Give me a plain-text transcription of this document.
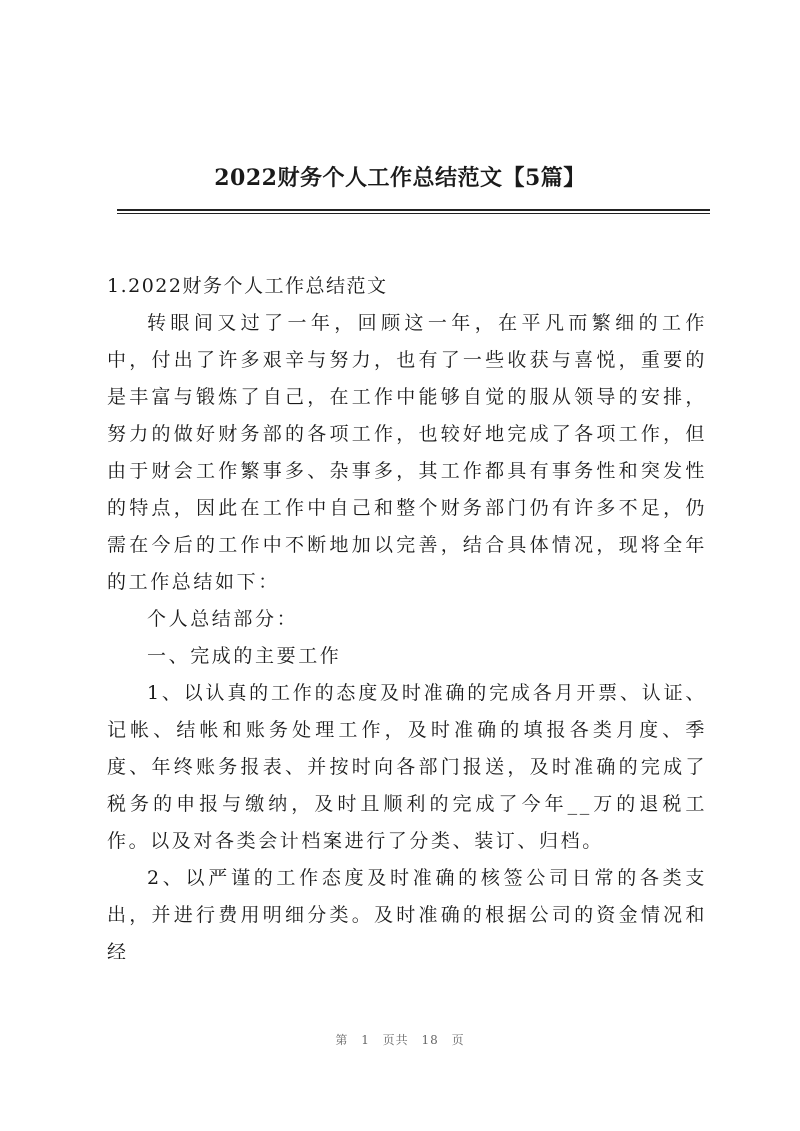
2022财务个人工作总结范文【5篇】

1.2022财务个人工作总结范文

转眼间又过了一年，回顾这一年，在平凡而繁细的工作中，付出了许多艰辛与努力，也有了一些收获与喜悦，重要的是丰富与锻炼了自己，在工作中能够自觉的服从领导的安排，努力的做好财务部的各项工作，也较好地完成了各项工作，但由于财会工作繁事多、杂事多，其工作都具有事务性和突发性的特点，因此在工作中自己和整个财务部门仍有许多不足，仍需在今后的工作中不断地加以完善，结合具体情况，现将全年的工作总结如下：

个人总结部分：

一、完成的主要工作

1、以认真的工作的态度及时准确的完成各月开票、认证、记帐、结帐和账务处理工作，及时准确的填报各类月度、季度、年终账务报表、并按时向各部门报送，及时准确的完成了税务的申报与缴纳，及时且顺利的完成了今年__万的退税工作。以及对各类会计档案进行了分类、装订、归档。

2、以严谨的工作态度及时准确的核签公司日常的各类支出，并进行费用明细分类。及时准确的根据公司的资金情况和经

第 1 页共 18 页
